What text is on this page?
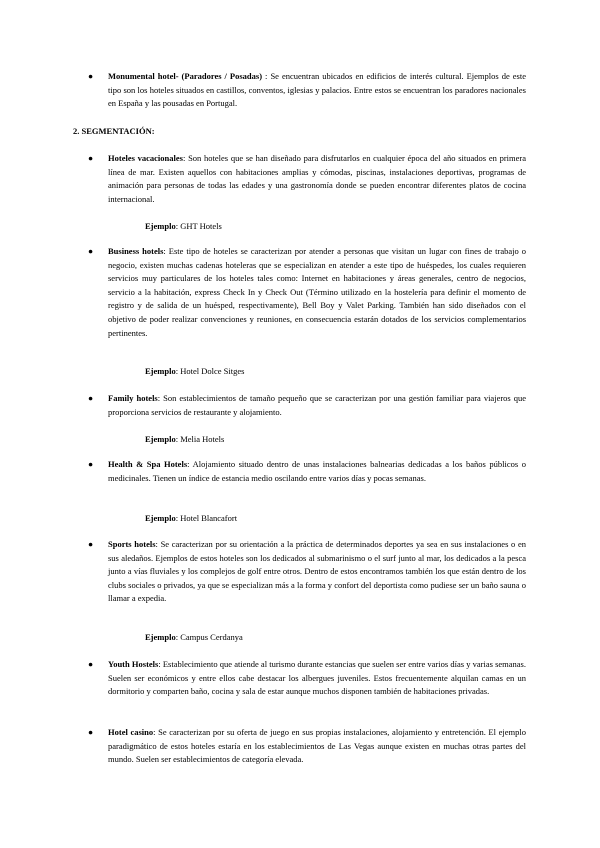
● Monumental hotel- (Paradores / Posadas) : Se encuentran ubicados en edificios de interés cultural. Ejemplos de este tipo son los hoteles situados en castillos, conventos, iglesias y palacios. Entre estos se encuentran los paradores nacionales en España y las pousadas en Portugal.
2. SEGMENTACIÓN:
● Hoteles vacacionales: Son hoteles que se han diseñado para disfrutarlos en cualquier época del año situados en primera línea de mar. Existen aquellos con habitaciones amplias y cómodas, piscinas, instalaciones deportivas, programas de animación para personas de todas las edades y una gastronomía donde se pueden encontrar diferentes platos de cocina internacional.
Ejemplo: GHT Hotels
● Business hotels: Este tipo de hoteles se caracterizan por atender a personas que visitan un lugar con fines de trabajo o negocio, existen muchas cadenas hoteleras que se especializan en atender a este tipo de huéspedes, los cuales requieren servicios muy particulares de los hoteles tales como: Internet en habitaciones y áreas generales, centro de negocios, servicio a la habitación, express Check In y Check Out (Término utilizado en la hostelería para definir el momento de registro y de salida de un huésped, respectivamente), Bell Boy y Valet Parking. También han sido diseñados con el objetivo de poder realizar convenciones y reuniones, en consecuencia estarán dotados de los servicios complementarios pertinentes.
Ejemplo: Hotel Dolce Sitges
● Family hotels: Son establecimientos de tamaño pequeño que se caracterizan por una gestión familiar para viajeros que proporciona servicios de restaurante y alojamiento.
Ejemplo: Melia Hotels
● Health & Spa Hotels: Alojamiento situado dentro de unas instalaciones balnearias dedicadas a los baños públicos o medicinales. Tienen un índice de estancia medio oscilando entre varios días y pocas semanas.
Ejemplo: Hotel Blancafort
● Sports hotels: Se caracterizan por su orientación a la práctica de determinados deportes ya sea en sus instalaciones o en sus aledaños. Ejemplos de estos hoteles son los dedicados al submarinismo o el surf junto al mar, los dedicados a la pesca junto a vías fluviales y los complejos de golf entre otros. Dentro de estos encontramos también los que están dentro de los clubs sociales o privados, ya que se especializan más a la forma y confort del deportista como pudiese ser un baño sauna o llamar a expedia.
Ejemplo: Campus Cerdanya
● Youth Hostels: Establecimiento que atiende al turismo durante estancias que suelen ser entre varios días y varias semanas. Suelen ser económicos y entre ellos cabe destacar los albergues juveniles. Estos frecuentemente alquilan camas en un dormitorio y comparten baño, cocina y sala de estar aunque muchos disponen también de habitaciones privadas.
● Hotel casino: Se caracterizan por su oferta de juego en sus propias instalaciones, alojamiento y entretención. El ejemplo paradigmático de estos hoteles estaría en los establecimientos de Las Vegas aunque existen en muchas otras partes del mundo. Suelen ser establecimientos de categoría elevada.
